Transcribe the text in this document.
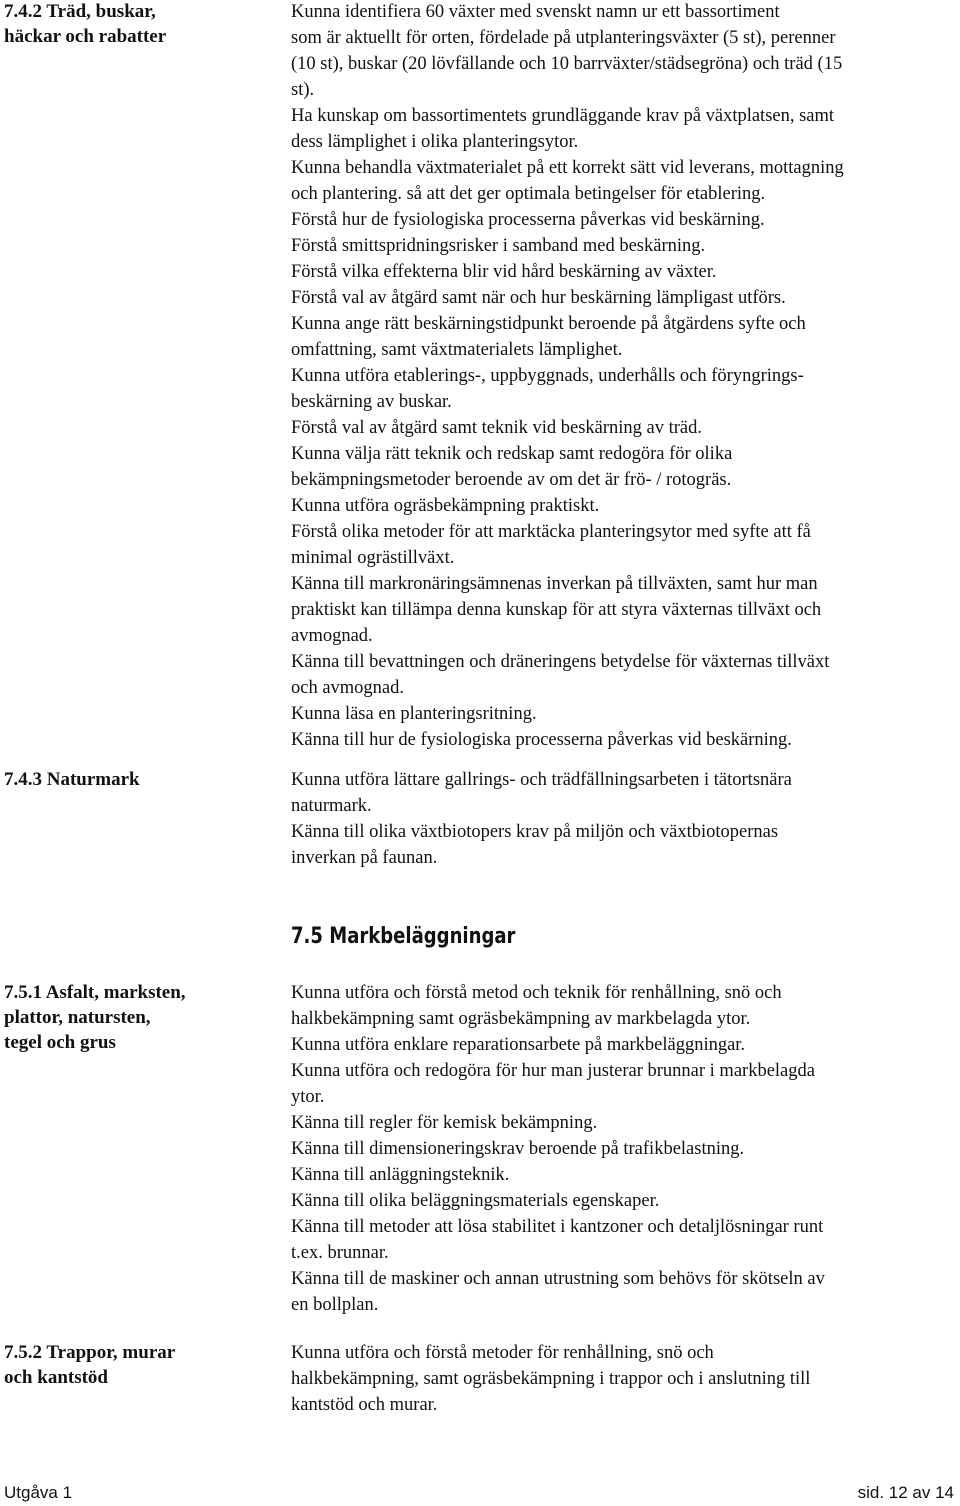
7.4.2 Träd, buskar,
häckar och rabatter
Kunna identifiera 60 växter med svenskt namn ur ett bassortiment
som är aktuellt för orten, fördelade på utplanteringsväxter (5 st), perenner
(10 st), buskar (20 lövfällande och 10 barrväxter/städsegröna) och träd (15
st).
Ha kunskap om bassortimentets grundläggande krav på växtplatsen, samt
dess lämplighet i olika planteringsytor.
Kunna behandla växtmaterialet på ett korrekt sätt vid leverans, mottagning
och plantering. så att det ger optimala betingelser för etablering.
Förstå hur de fysiologiska processerna påverkas vid beskärning.
Förstå smittspridningsrisker i samband med beskärning.
Förstå vilka effekterna blir vid hård beskärning av växter.
Förstå val av åtgärd samt när och hur beskärning lämpligast utförs.
Kunna ange rätt beskärningstidpunkt beroende på åtgärdens syfte och
omfattning, samt växtmaterialets lämplighet.
Kunna utföra etablerings-, uppbyggnads, underhålls och föryngrings-
beskärning av buskar.
Förstå val av åtgärd samt teknik vid beskärning av träd.
Kunna välja rätt teknik och redskap samt redogöra för olika
bekämpningsmetoder beroende av om det är frö- / rotogräs.
Kunna utföra ogräsbekämpning praktiskt.
Förstå olika metoder för att marktäcka planteringsytor med syfte att få
minimal ogrästillväxt.
Känna till markronäringsämnenas inverkan på tillväxten, samt hur man
praktiskt kan tillämpa denna kunskap för att styra växternas tillväxt och
avmognad.
Känna till bevattningen och dräneringens betydelse för växternas tillväxt
och avmognad.
Kunna läsa en planteringsritning.
Känna till hur de fysiologiska processerna påverkas vid beskärning.
7.4.3 Naturmark	Kunna utföra lättare gallrings- och trädfällningsarbeten i tätortsnära
naturmark.
Känna till olika växtbiotopers krav på miljön och växtbiotopernas
inverkan på faunan.
7.5 Markbeläggningar
7.5.1 Asfalt, marksten,
plattor, natursten,
tegel och grus
Kunna utföra och förstå metod och teknik för renhållning, snö och
halkbekämpning samt ogräsbekämpning av markbelagda ytor.
Kunna utföra enklare reparationsarbete på markbeläggningar.
Kunna utföra och redogöra för hur man justerar brunnar i markbelagda
ytor.
Känna till regler för kemisk bekämpning.
Känna till dimensioneringskrav beroende på trafikbelastning.
Känna till anläggningsteknik.
Känna till olika beläggningsmaterials egenskaper.
Känna till metoder att lösa stabilitet i kantzoner och detaljlösningar runt
t.ex. brunnar.
Känna till de maskiner och annan utrustning som behövs för skötseln av
en bollplan.
7.5.2 Trappor, murar
och kantstöd
Kunna utföra och förstå metoder för renhållning, snö och
halkbekämpning, samt ogräsbekämpning i trappor och i anslutning till
kantstöd och murar.
Utgåva 1	sid. 12 av 14
